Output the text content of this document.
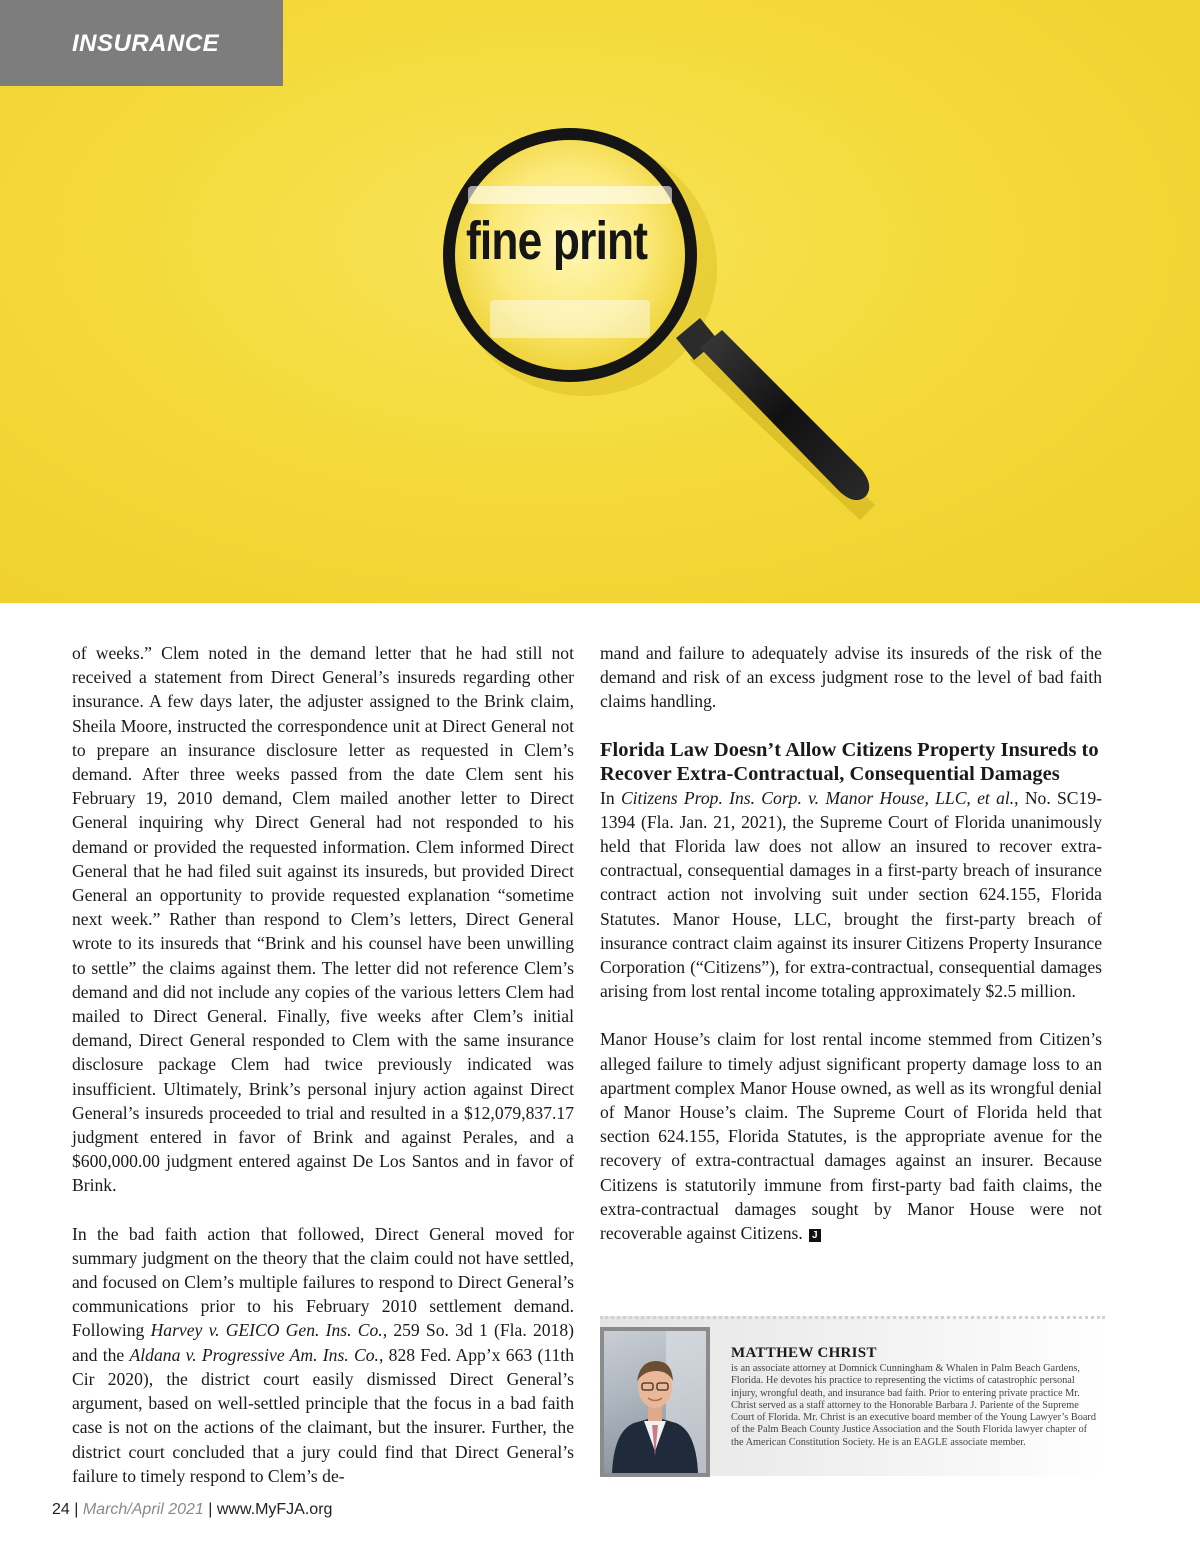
fine print
INSURANCE

of weeks.” Clem noted in the demand letter that he had still not received a statement from Direct General’s insureds regarding other insurance. A few days later, the adjuster assigned to the Brink claim, Sheila Moore, instructed the correspondence unit at Direct General not to prepare an insurance disclosure letter as requested in Clem’s demand. After three weeks passed from the date Clem sent his February 19, 2010 demand, Clem mailed another letter to Direct General inquiring why Direct General had not responded to his demand or provided the requested information. Clem informed Direct General that he had filed suit against its insureds, but provided Direct General an opportunity to provide requested explanation “sometime next week.” Rather than respond to Clem’s letters, Direct General wrote to its insureds that “Brink and his counsel have been unwilling to settle” the claims against them. The letter did not reference Clem’s demand and did not include any copies of the various letters Clem had mailed to Direct General. Finally, five weeks after Clem’s initial demand, Direct General responded to Clem with the same insurance disclosure package Clem had twice previously indicated was insufficient. Ultimately, Brink’s personal injury action against Direct General’s insureds proceeded to trial and resulted in a $12,079,837.17 judgment entered in favor of Brink and against Perales, and a $600,000.00 judgment entered against De Los Santos and in favor of Brink.

In the bad faith action that followed, Direct General moved for summary judgment on the theory that the claim could not have settled, and focused on Clem’s multiple failures to respond to Direct General’s communications prior to his February 2010 settlement demand. Following Harvey v. GEICO Gen. Ins. Co., 259 So. 3d 1 (Fla. 2018) and the Aldana v. Progressive Am. Ins. Co., 828 Fed. App’x 663 (11th Cir 2020), the district court easily dismissed Direct General’s argument, based on well-settled principle that the focus in a bad faith case is not on the actions of the claimant, but the insurer. Further, the district court concluded that a jury could find that Direct General’s failure to timely respond to Clem’s de-

mand and failure to adequately advise its insureds of the risk of the demand and risk of an excess judgment rose to the level of bad faith claims handling.

Florida Law Doesn’t Allow Citizens Property Insureds to Recover Extra-Contractual, Consequential Damages

In Citizens Prop. Ins. Corp. v. Manor House, LLC, et al., No. SC19-1394 (Fla. Jan. 21, 2021), the Supreme Court of Florida unanimously held that Florida law does not allow an insured to recover extra-contractual, consequential damages in a first-party breach of insurance contract action not involving suit under section 624.155, Florida Statutes. Manor House, LLC, brought the first-party breach of insurance contract claim against its insurer Citizens Property Insurance Corporation (“Citizens”), for extra-contractual, consequential damages arising from lost rental income totaling approximately $2.5 million.

Manor House’s claim for lost rental income stemmed from Citizen’s alleged failure to timely adjust significant property damage loss to an apartment complex Manor House owned, as well as its wrongful denial of Manor House’s claim. The Supreme Court of Florida held that section 624.155, Florida Statutes, is the appropriate avenue for the recovery of extra-contractual damages against an insurer. Because Citizens is statutorily immune from first-party bad faith claims, the extra-contractual damages sought by Manor House were not recoverable against Citizens. J

MATTHEW CHRIST
is an associate attorney at Domnick Cunningham & Whalen in Palm Beach Gardens, Florida. He devotes his practice to representing the victims of catastrophic personal injury, wrongful death, and insurance bad faith. Prior to entering private practice Mr. Christ served as a staff attorney to the Honorable Barbara J. Pariente of the Supreme Court of Florida. Mr. Christ is an executive board member of the Young Lawyer’s Board of the Palm Beach County Justice Association and the South Florida lawyer chapter of the American Constitution Society. He is an EAGLE associate member.
24 | March/April 2021 | www.MyFJA.org
